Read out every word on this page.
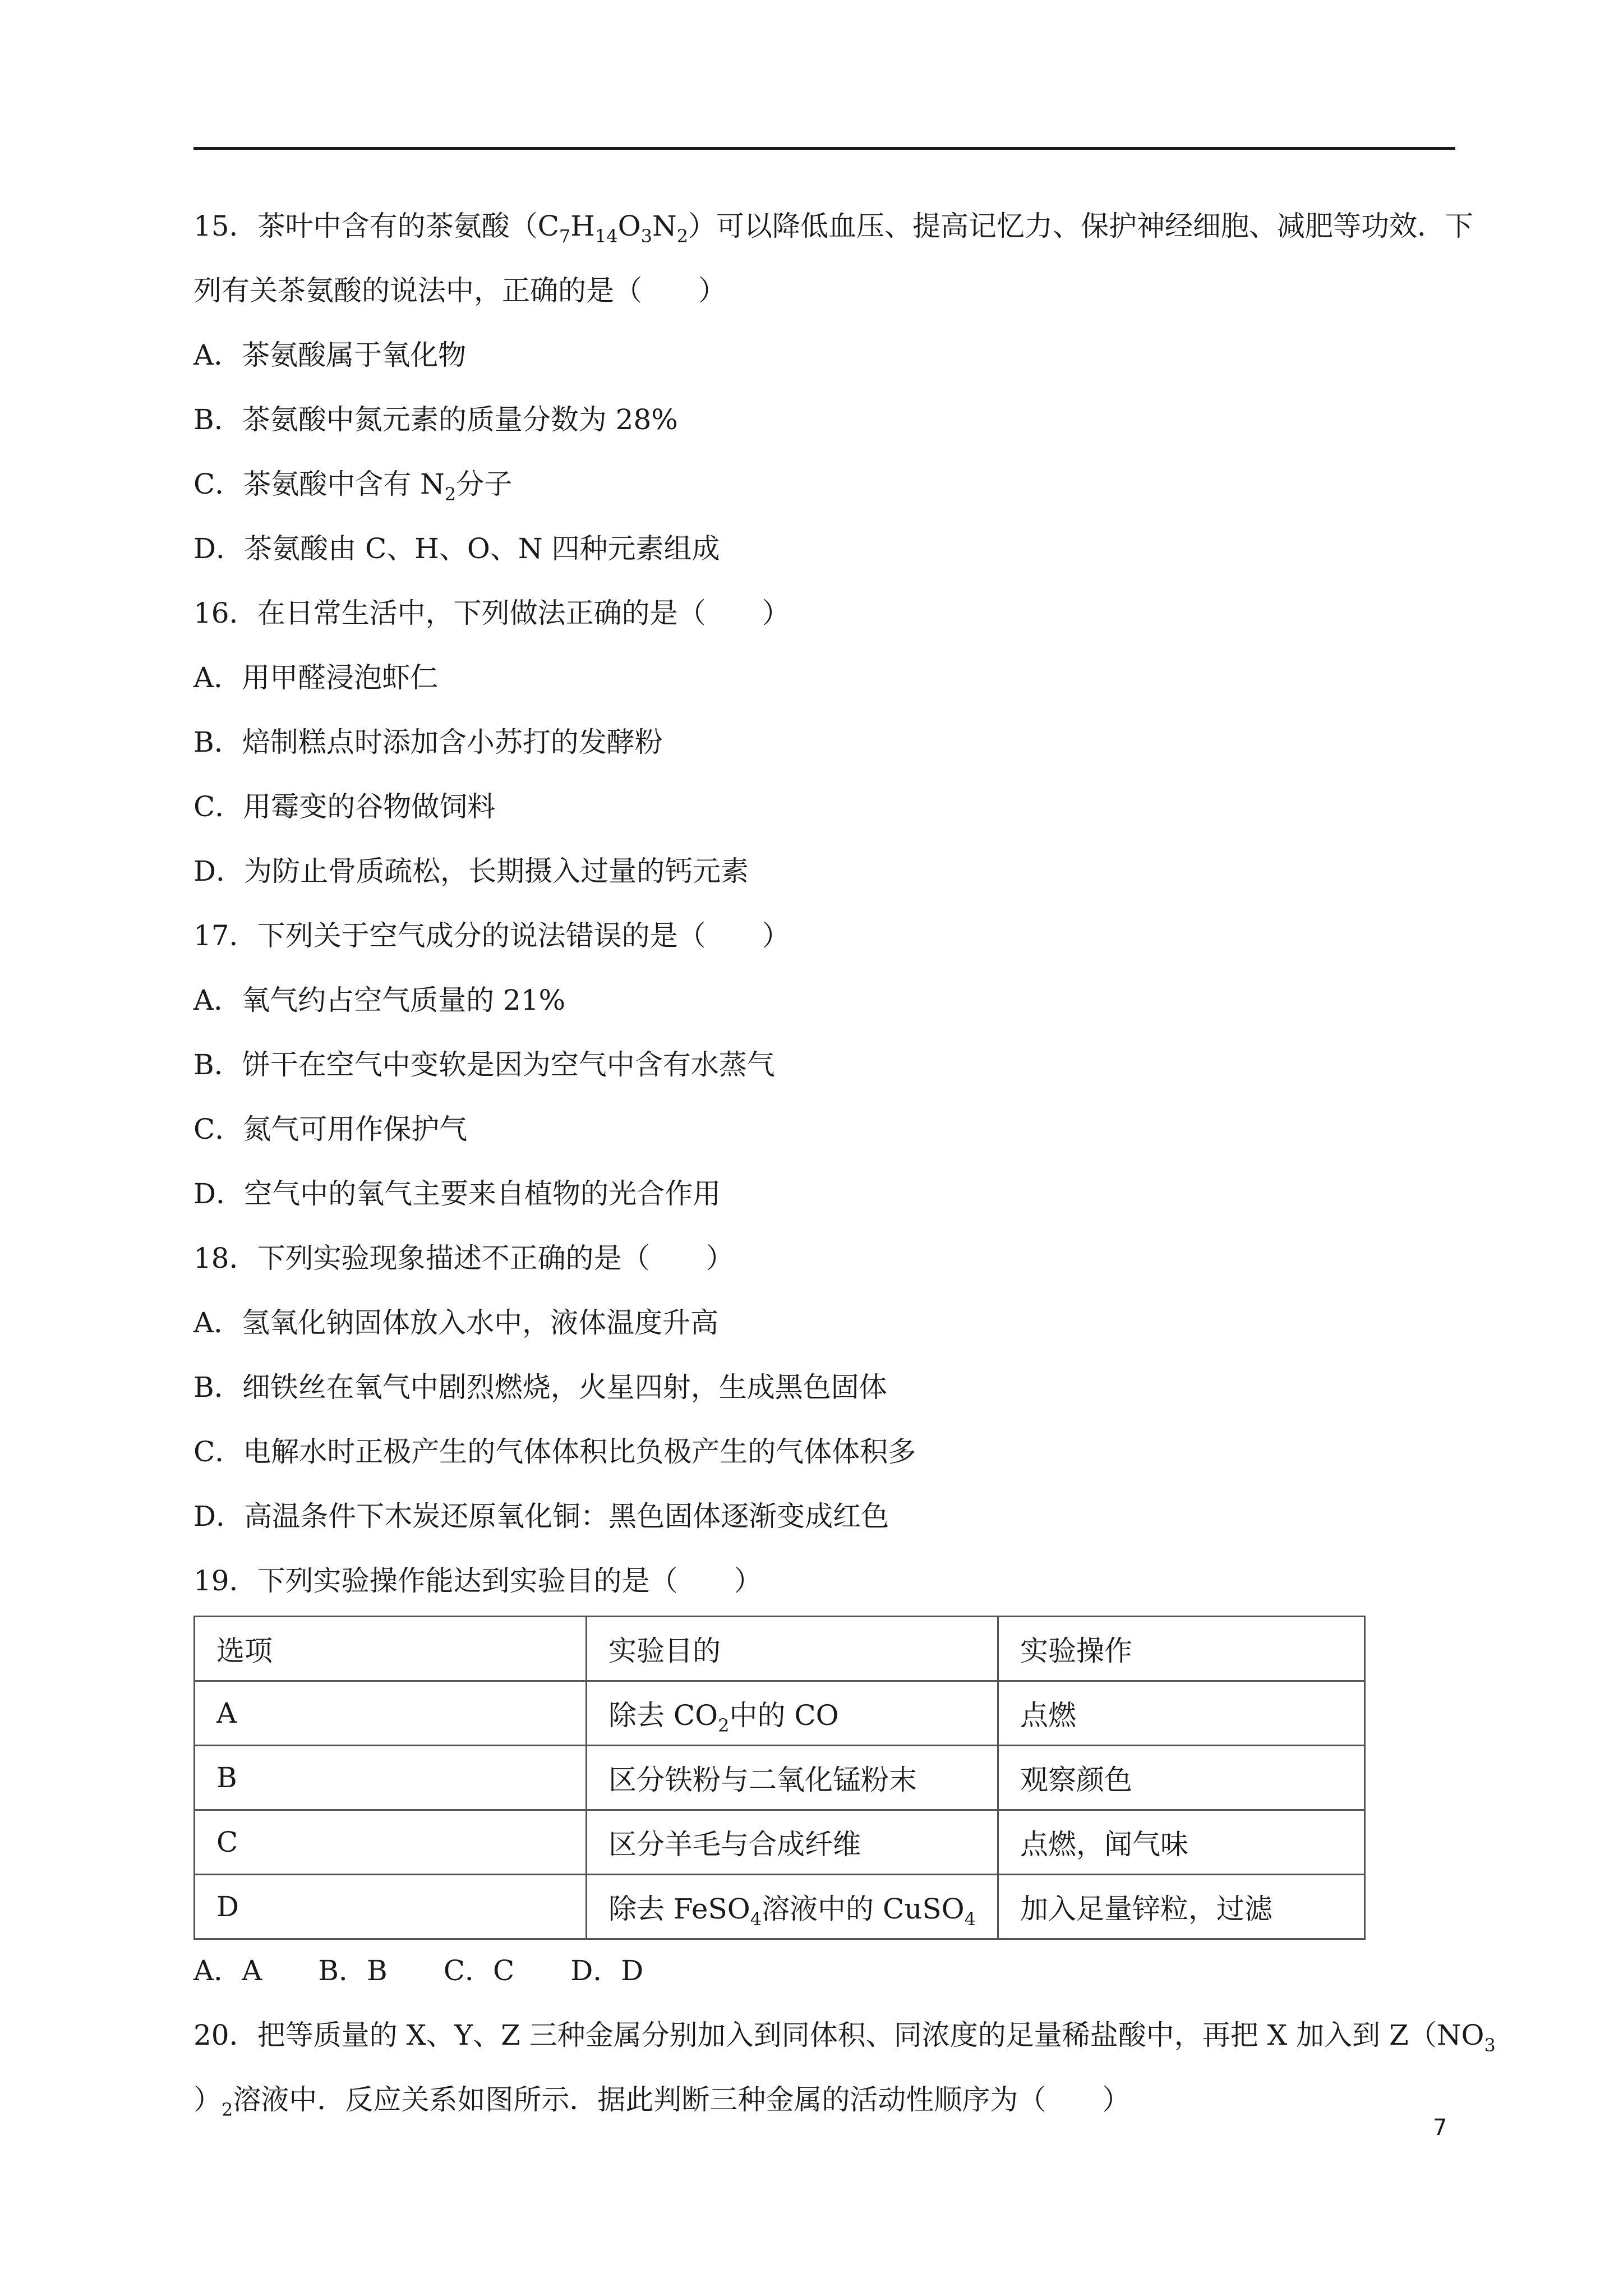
15．茶叶中含有的茶氨酸$(C_7H_{14}O_3N_2)$可以降低血压、提高记忆力、保护神经细胞、减肥等功效．下
列有关茶氨酸的说法中，正确的是（　　）
A．茶氨酸属于氧化物
B．茶氨酸中氮元素的质量分数为 28%
C．茶氨酸中含有 $N_2$分子
D．茶氨酸由 C、H、O、N 四种元素组成
16．在日常生活中，下列做法正确的是（　　）
A．用甲醛浸泡虾仁
B．焙制糕点时添加含小苏打的发酵粉
C．用霉变的谷物做饲料
D．为防止骨质疏松，长期摄入过量的钙元素
17．下列关于空气成分的说法错误的是（　　）
A．氧气约占空气质量的 21%
B．饼干在空气中变软是因为空气中含有水蒸气
C．氮气可用作保护气
D．空气中的氧气主要来自植物的光合作用
18．下列实验现象描述不正确的是（　　）
A．氢氧化钠固体放入水中，液体温度升高
B．细铁丝在氧气中剧烈燃烧，火星四射，生成黑色固体
C．电解水时正极产生的气体体积比负极产生的气体体积多
D．高温条件下木炭还原氧化铜：黑色固体逐渐变成红色
19．下列实验操作能达到实验目的是（　　）
选项	实验目的	实验操作
A	除去 $CO_2$中的 CO	点燃
B	区分铁粉与二氧化锰粉末	观察颜色
C	区分羊毛与合成纤维	点燃，闻气味
D	除去 FeSO$_4$溶液中的 CuSO$_4$	加入足量锌粒，过滤
A．A　　B．B　　C．C　　D．D
20．把等质量的 X、Y、Z 三种金属分别加入到同体积、同浓度的足量稀盐酸中，再把 X 加入到 $Z(NO_3$
）$_2$溶液中．反应关系如图所示．据此判断三种金属的活动性顺序为（　　）
7
